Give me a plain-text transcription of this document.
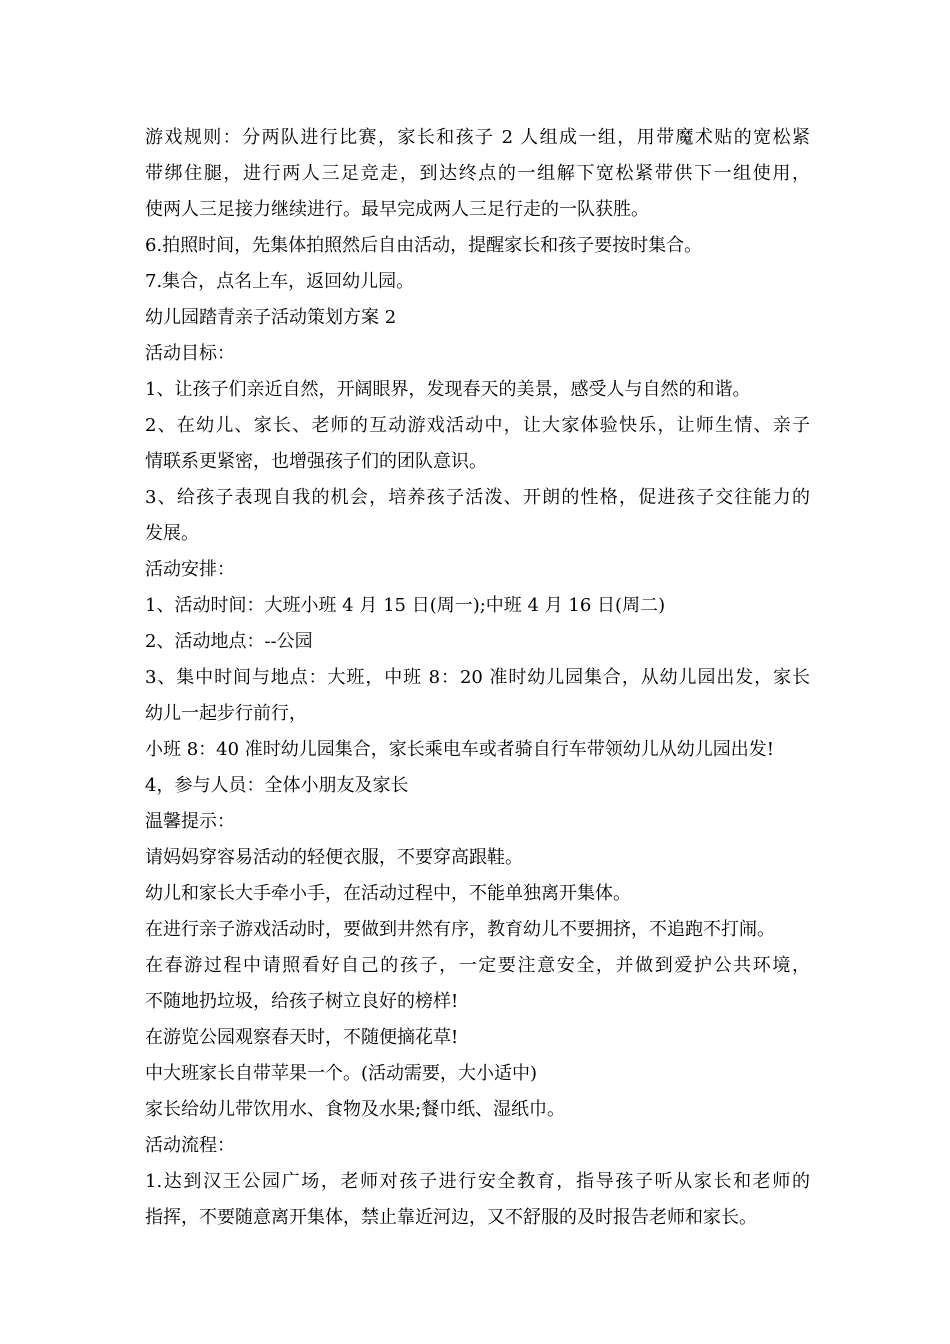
游戏规则：分两队进行比赛，家长和孩子 2 人组成一组，用带魔术贴的宽松紧
带绑住腿，进行两人三足竞走，到达终点的一组解下宽松紧带供下一组使用，
使两人三足接力继续进行。最早完成两人三足行走的一队获胜。
6.拍照时间，先集体拍照然后自由活动，提醒家长和孩子要按时集合。
7.集合，点名上车，返回幼儿园。
幼儿园踏青亲子活动策划方案 2
活动目标：
1、让孩子们亲近自然，开阔眼界，发现春天的美景，感受人与自然的和谐。
2、在幼儿、家长、老师的互动游戏活动中，让大家体验快乐，让师生情、亲子
情联系更紧密，也增强孩子们的团队意识。
3、给孩子表现自我的机会，培养孩子活泼、开朗的性格，促进孩子交往能力的
发展。
活动安排：
1、活动时间：大班小班 4 月 15 日(周一);中班 4 月 16 日(周二)
2、活动地点：--公园
3、集中时间与地点：大班，中班 8：20 准时幼儿园集合，从幼儿园出发，家长
幼儿一起步行前行，
小班 8：40 准时幼儿园集合，家长乘电车或者骑自行车带领幼儿从幼儿园出发!
4，参与人员：全体小朋友及家长
温馨提示：
请妈妈穿容易活动的轻便衣服，不要穿高跟鞋。
幼儿和家长大手牵小手，在活动过程中，不能单独离开集体。
在进行亲子游戏活动时，要做到井然有序，教育幼儿不要拥挤，不追跑不打闹。
在春游过程中请照看好自己的孩子，一定要注意安全，并做到爱护公共环境，
不随地扔垃圾，给孩子树立良好的榜样!
在游览公园观察春天时，不随便摘花草!
中大班家长自带苹果一个。(活动需要，大小适中)
家长给幼儿带饮用水、食物及水果;餐巾纸、湿纸巾。
活动流程：
1.达到汉王公园广场，老师对孩子进行安全教育，指导孩子听从家长和老师的
指挥，不要随意离开集体，禁止靠近河边，又不舒服的及时报告老师和家长。
